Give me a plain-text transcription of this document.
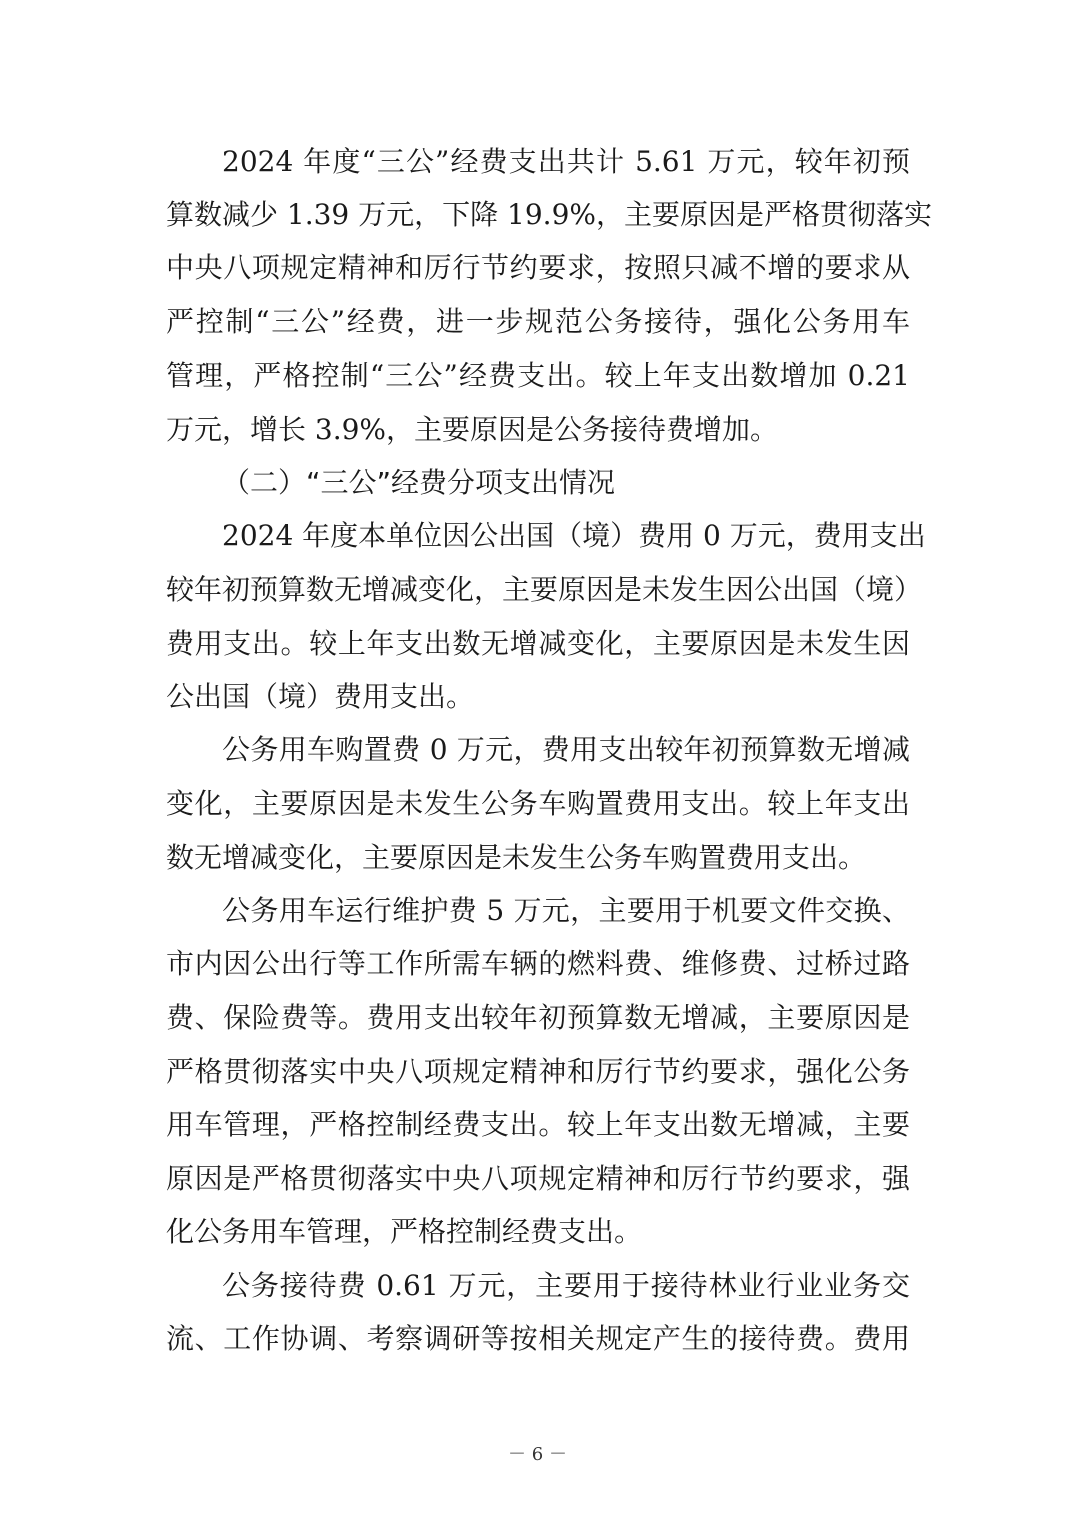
2024 年度“三公”经费支出共计 5.61 万元，较年初预
算数减少 1.39 万元，下降 19.9%，主要原因是严格贯彻落实
中央八项规定精神和厉行节约要求，按照只减不增的要求从
严控制“三公”经费，进一步规范公务接待，强化公务用车
管理，严格控制“三公”经费支出。较上年支出数增加 0.21
万元，增长 3.9%，主要原因是公务接待费增加。
（二）“三公”经费分项支出情况
2024 年度本单位因公出国（境）费用 0 万元，费用支出
较年初预算数无增减变化，主要原因是未发生因公出国（境）
费用支出。较上年支出数无增减变化，主要原因是未发生因
公出国（境）费用支出。
公务用车购置费 0 万元，费用支出较年初预算数无增减
变化，主要原因是未发生公务车购置费用支出。较上年支出
数无增减变化，主要原因是未发生公务车购置费用支出。
公务用车运行维护费 5 万元，主要用于机要文件交换、
市内因公出行等工作所需车辆的燃料费、维修费、过桥过路
费、保险费等。费用支出较年初预算数无增减，主要原因是
严格贯彻落实中央八项规定精神和厉行节约要求，强化公务
用车管理，严格控制经费支出。较上年支出数无增减，主要
原因是严格贯彻落实中央八项规定精神和厉行节约要求，强
化公务用车管理，严格控制经费支出。
公务接待费 0.61 万元，主要用于接待林业行业业务交
流、工作协调、考察调研等按相关规定产生的接待费。费用
－ 6 －
